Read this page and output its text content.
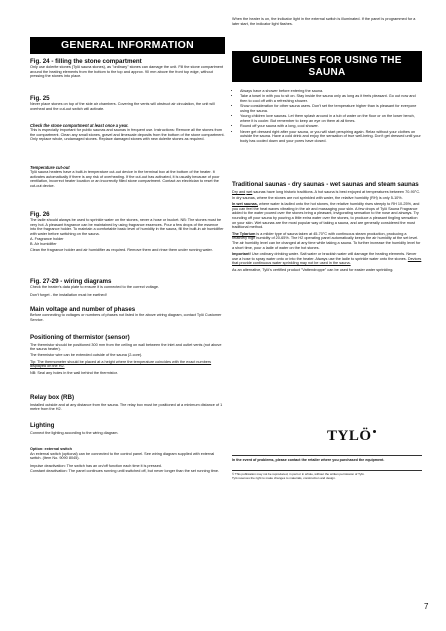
GENERAL INFORMATION
Fig. 24 - filling the stone compartment

Only use dolerite stones (Tylö sauna stones), as "ordinary" stones can damage the unit. Fill the stone compartment around the heating elements from the bottom to the top and approx. 90 mm above the front top edge, without pressing the stones into place.

Fig. 25

Never place stones on top of the side air chambers. Covering the vents will obstruct air circulation, the unit will overheat and the cut-out switch will activate.

Check the stone compartment at least once a year.

This is especially important for public saunas and saunas in frequent use. Instructions: Remove all the stones from the compartment. Clean any small stones, gravel and limescale deposits from the bottom of the stone compartment. Only replace whole, undamaged stones. Replace damaged stones with new dolerite stones as required.

Temperature cut-out

Tylö sauna heaters have a built-in temperature cut-out device in the terminal box at the bottom of the heater. It activates automatically if there is any risk of overheating. If the cut-out has activated, it is usually because of poor ventilation, incorrect heater location or an incorrectly filled stone compartment. Contact an electrician to reset the cut-out device.

Fig. 26

The ladle should always be used to sprinkle water on the stones, never a hose or bucket. NB: The stones must be very hot. A pleasant fragrance can be maintained by using fragrance essences. Pour a few drops of the essence into the fragrance holder. To maintain a comfortable basic level of humidity in the sauna, fill the built-in air humidifier with water before switching on the sauna.

A. Fragrance holder

B. Air humidifier

Clean the fragrance holder and air humidifier as required. Remove them and rinse them under running water.

Fig. 27-29 - wiring diagrams

Check the heater's data plate to ensure it is connected to the correct voltage.

Don't forget - the installation must be earthed!

Main voltage and number of phases

Before connecting to voltages or numbers of phases not listed in the above wiring diagram, contact Tylö Customer Service.

Positioning of thermistor (sensor)

The thermistor should be positioned 300 mm from the ceiling on wall between the inlet and outlet vents (not above the sauna heater).

The thermistor wire can be extended outside of the sauna (2-core).

Tip: The thermometer should be placed at a height where the temperature coincides with the exact numbers displayed on the H2.

NB: Seal any holes in the wall behind the thermistor.

Relay box (RB)

Installed outside and at any distance from the sauna. The relay box must be positioned at a minimum distance of 1 metre from the H2.

Lighting

Connect the lighting according to the wiring diagram.

Option: external switch

An external switch (optional) can be connected to the control panel. See wiring diagram supplied with external switch. (Item No. 9090 8045).

Impulse deactivation: The switch has an on/off function each time it is pressed.

Constant deactivation: The panel continues running until switched off, but never longer than the set running time.

When the heater is on, the indicator light in the external switch is illuminated. If the panel is programmed for a later start, the indicator light flashes.

GUIDELINES FOR USING THE
SAUNA
• Always have a shower before entering the sauna.
• Take a towel in with you to sit on. Stay inside the sauna only as long as it feels pleasant. Go out now and then to cool off with a refreshing shower.
• Show consideration for other sauna users. Don't set the temperature higher than is pleasant for everyone using the sauna.
• Young children love saunas. Let them splash around in a tub of water on the floor or on the lower bench, where it is cooler. But remember to keep an eye on them at all times.
• Round off your sauna with a long, cool shower.
• Never get dressed right after your sauna, or you will start perspiring again. Relax without your clothes on outside the sauna. Have a cold drink and enjoy the sensation of true well-being. Don't get dressed until your body has cooled down and your pores have closed.
Traditional saunas - dry saunas - wet saunas and steam saunas

Dry and wet saunas have long historic traditions. A hot sauna is best enjoyed at temperatures between 70-90°C.

In dry saunas, where the stones are not sprinkled with water, the relative humidity (RH) is only 5-10%.

In wet saunas, where water is ladled onto the hot stones, the relative humidity rises steeply to RH 10-25%, and you can feel the heat waves vibrating in the air and massaging your skin. A few drops of Tylö Sauna Fragrance added to the water poured over the stones bring a pleasant, invigorating sensation to the nose and airways. Try rounding off your sauna by pouring a little extra water over the stones, to produce a pleasant tingling sensation on your skin. Wet saunas are the most popular way of taking a sauna, and are generally considered the most traditional method.

The Tylarium is a milder type of sauna taken at 45-70°C with continuous steam production, producing a relatively high humidity of 20-65%. The H2 operating panel automatically keeps the air humidity at the set level. The air humidity level can be changed at any time while taking a sauna. To further increase the humidity level for a short time, pour a ladle of water on the hot stones.

Important! Use ordinary drinking water. Salt water or brackish water will damage the heating elements. Never use a hose to spray water onto or into the heater. Always use the ladle to sprinkle water onto the stones. Devices that provide continuous water sprinkling may not be used in the sauna.

As an alternative, Tylö's certified product "Vattendroppe" can be used for easier water sprinkling.

TYLÖ

In the event of problems, please contact the retailer where you purchased the equipment.

© This publication may not be reproduced, in part or in whole, without the written permission of Tylö.

Tylö reserves the right to make changes to materials, construction and design.

7
